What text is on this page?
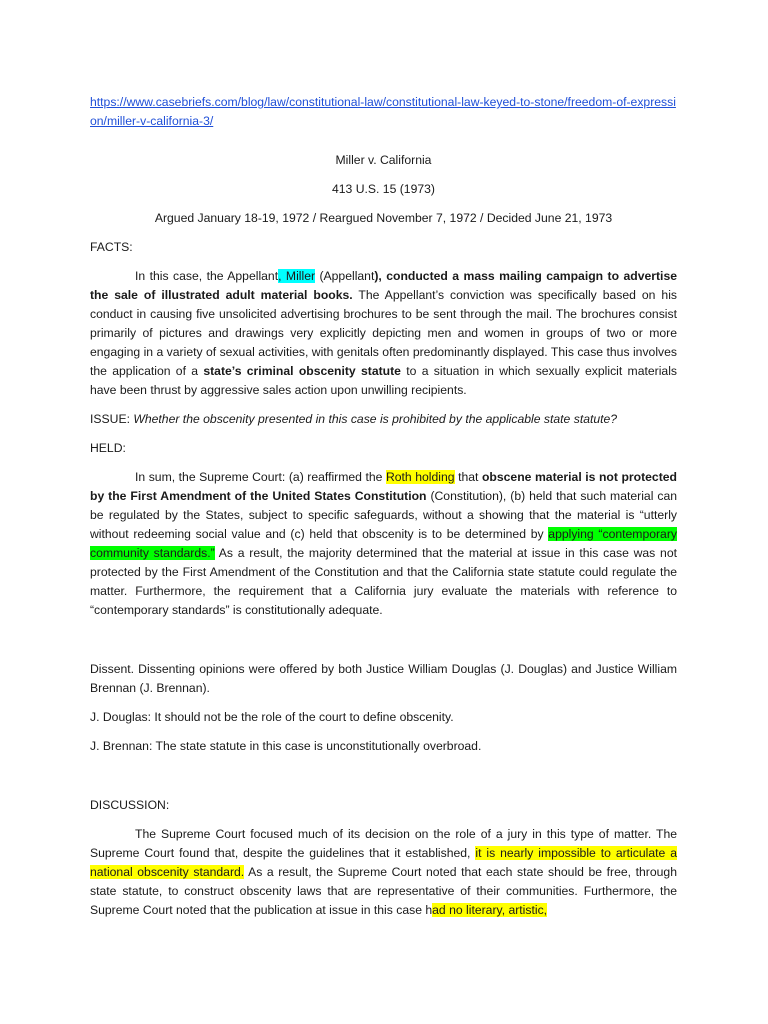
https://www.casebriefs.com/blog/law/constitutional-law/constitutional-law-keyed-to-stone/freedom-of-expression/miller-v-california-3/

Miller v. California

413 U.S. 15 (1973)

Argued January 18-19, 1972 / Reargued November 7, 1972 / Decided June 21, 1973

FACTS:

In this case, the Appellant, Miller (Appellant), conducted a mass mailing campaign to advertise the sale of illustrated adult material books. The Appellant’s conviction was specifically based on his conduct in causing five unsolicited advertising brochures to be sent through the mail. The brochures consist primarily of pictures and drawings very explicitly depicting men and women in groups of two or more engaging in a variety of sexual activities, with genitals often predominantly displayed. This case thus involves the application of a state’s criminal obscenity statute to a situation in which sexually explicit materials have been thrust by aggressive sales action upon unwilling recipients.

ISSUE: Whether the obscenity presented in this case is prohibited by the applicable state statute?

HELD:

In sum, the Supreme Court: (a) reaffirmed the Roth holding that obscene material is not protected by the First Amendment of the United States Constitution (Constitution), (b) held that such material can be regulated by the States, subject to specific safeguards, without a showing that the material is “utterly without redeeming social value and (c) held that obscenity is to be determined by applying “contemporary community standards.” As a result, the majority determined that the material at issue in this case was not protected by the First Amendment of the Constitution and that the California state statute could regulate the matter. Furthermore, the requirement that a California jury evaluate the materials with reference to “contemporary standards” is constitutionally adequate.

Dissent. Dissenting opinions were offered by both Justice William Douglas (J. Douglas) and Justice William Brennan (J. Brennan).

J. Douglas: It should not be the role of the court to define obscenity.

J. Brennan: The state statute in this case is unconstitutionally overbroad.

DISCUSSION:

The Supreme Court focused much of its decision on the role of a jury in this type of matter. The Supreme Court found that, despite the guidelines that it established, it is nearly impossible to articulate a national obscenity standard. As a result, the Supreme Court noted that each state should be free, through state statute, to construct obscenity laws that are representative of their communities. Furthermore, the Supreme Court noted that the publication at issue in this case had no literary, artistic,
